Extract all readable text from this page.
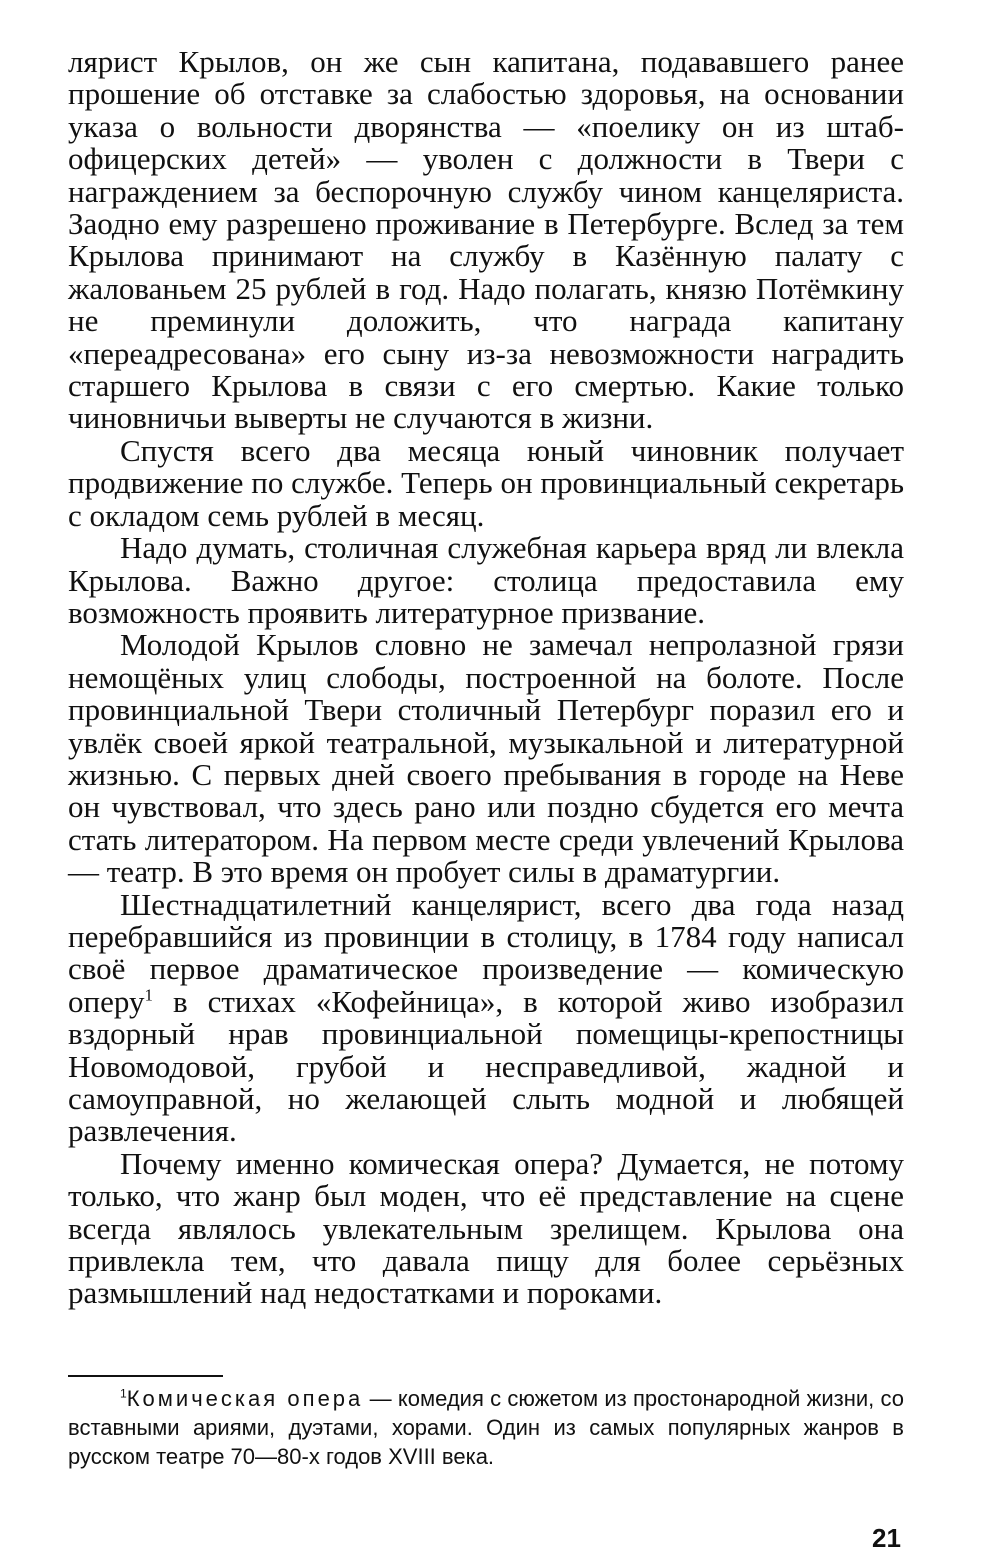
лярист Крылов, он же сын капитана, подававшего ранее прошение об отставке за слабостью здоровья, на основании указа о вольности дворянства — «поелику он из штаб-офицерских детей» — уволен с должности в Твери с награждением за беспорочную службу чином канцеляриста. Заодно ему разрешено проживание в Петербурге. Вслед за тем Крылова принимают на службу в Казённую палату с жалованьем 25 рублей в год. Надо полагать, князю Потёмкину не преминули доложить, что награда капитану «переадресована» его сыну из-за невозможности наградить старшего Крылова в связи с его смертью. Какие только чиновничьи выверты не случаются в жизни.

Спустя всего два месяца юный чиновник получает продвижение по службе. Теперь он провинциальный секретарь с окладом семь рублей в месяц.

Надо думать, столичная служебная карьера вряд ли влекла Крылова. Важно другое: столица предоставила ему возможность проявить литературное призвание.

Молодой Крылов словно не замечал непролазной грязи немощёных улиц слободы, построенной на болоте. После провинциальной Твери столичный Петербург поразил его и увлёк своей яркой театральной, музыкальной и литературной жизнью. С первых дней своего пребывания в городе на Неве он чувствовал, что здесь рано или поздно сбудется его мечта стать литератором. На первом месте среди увлечений Крылова — театр. В это время он пробует силы в драматургии.

Шестнадцатилетний канцелярист, всего два года назад перебравшийся из провинции в столицу, в 1784 году написал своё первое драматическое произведение — комическую оперу$^1$ в стихах «Кофейница», в которой живо изобразил вздорный нрав провинциальной помещицы-крепостницы Новомодовой, грубой и несправедливой, жадной и самоуправной, но желающей слыть модной и любящей развлечения.

Почему именно комическая опера? Думается, не потому только, что жанр был моден, что её представление на сцене всегда являлось увлекательным зрелищем. Крылова она привлекла тем, что давала пищу для более серьёзных размышлений над недостатками и пороками.

$^1$Комическая опера — комедия с сюжетом из простонародной жизни, со вставными ариями, дуэтами, хорами. Один из самых популярных жанров в русском театре 70—80-х годов XVIII века.

21
